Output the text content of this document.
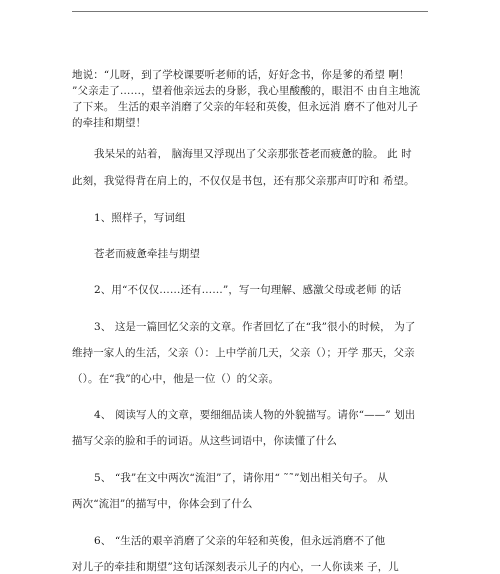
地说：“儿呀，到了学校课要听老师的话，好好念书，你是爹的希望 啊！
”父亲走了……，望着他亲远去的身影，我心里酸酸的，眼泪不 由自主地流
了下来。 生活的艰辛消磨了父亲的年轻和英俊，但永远消 磨不了他对儿子
的牵挂和期望！
我呆呆的站着， 脑海里又浮现出了父亲那张苍老而疲惫的脸。 此 时
此刻，我觉得背在肩上的，不仅仅是书包，还有那父亲那声叮咛和 希望。
1、照样子，写词组
苍老而疲惫牵挂与期望
2、用“不仅仅……还有……”，写一句理解、感激父母或老师 的话
3、 这是一篇回忆父亲的文章。作者回忆了在“我”很小的时候， 为了
维持一家人的生活，父亲（）：上中学前几天，父亲（）；开学 那天，父亲
（）。在“我”的心中，他是一位（）的父亲。
4、 阅读写人的文章，要细细品读人物的外貌描写。请你“——” 划出
描写父亲的脸和手的词语。从这些词语中，你读懂了什么
5、 “我”在文中两次“流泪”了，请你用“ ˜˜”划出相关句子。 从
两次“流泪”的描写中，你体会到了什么
6、 “生活的艰辛消磨了父亲的年轻和英俊，但永远消磨不了他
对儿子的牵挂和期望”这句话深刻表示儿子的内心，一人你读来 子，儿
